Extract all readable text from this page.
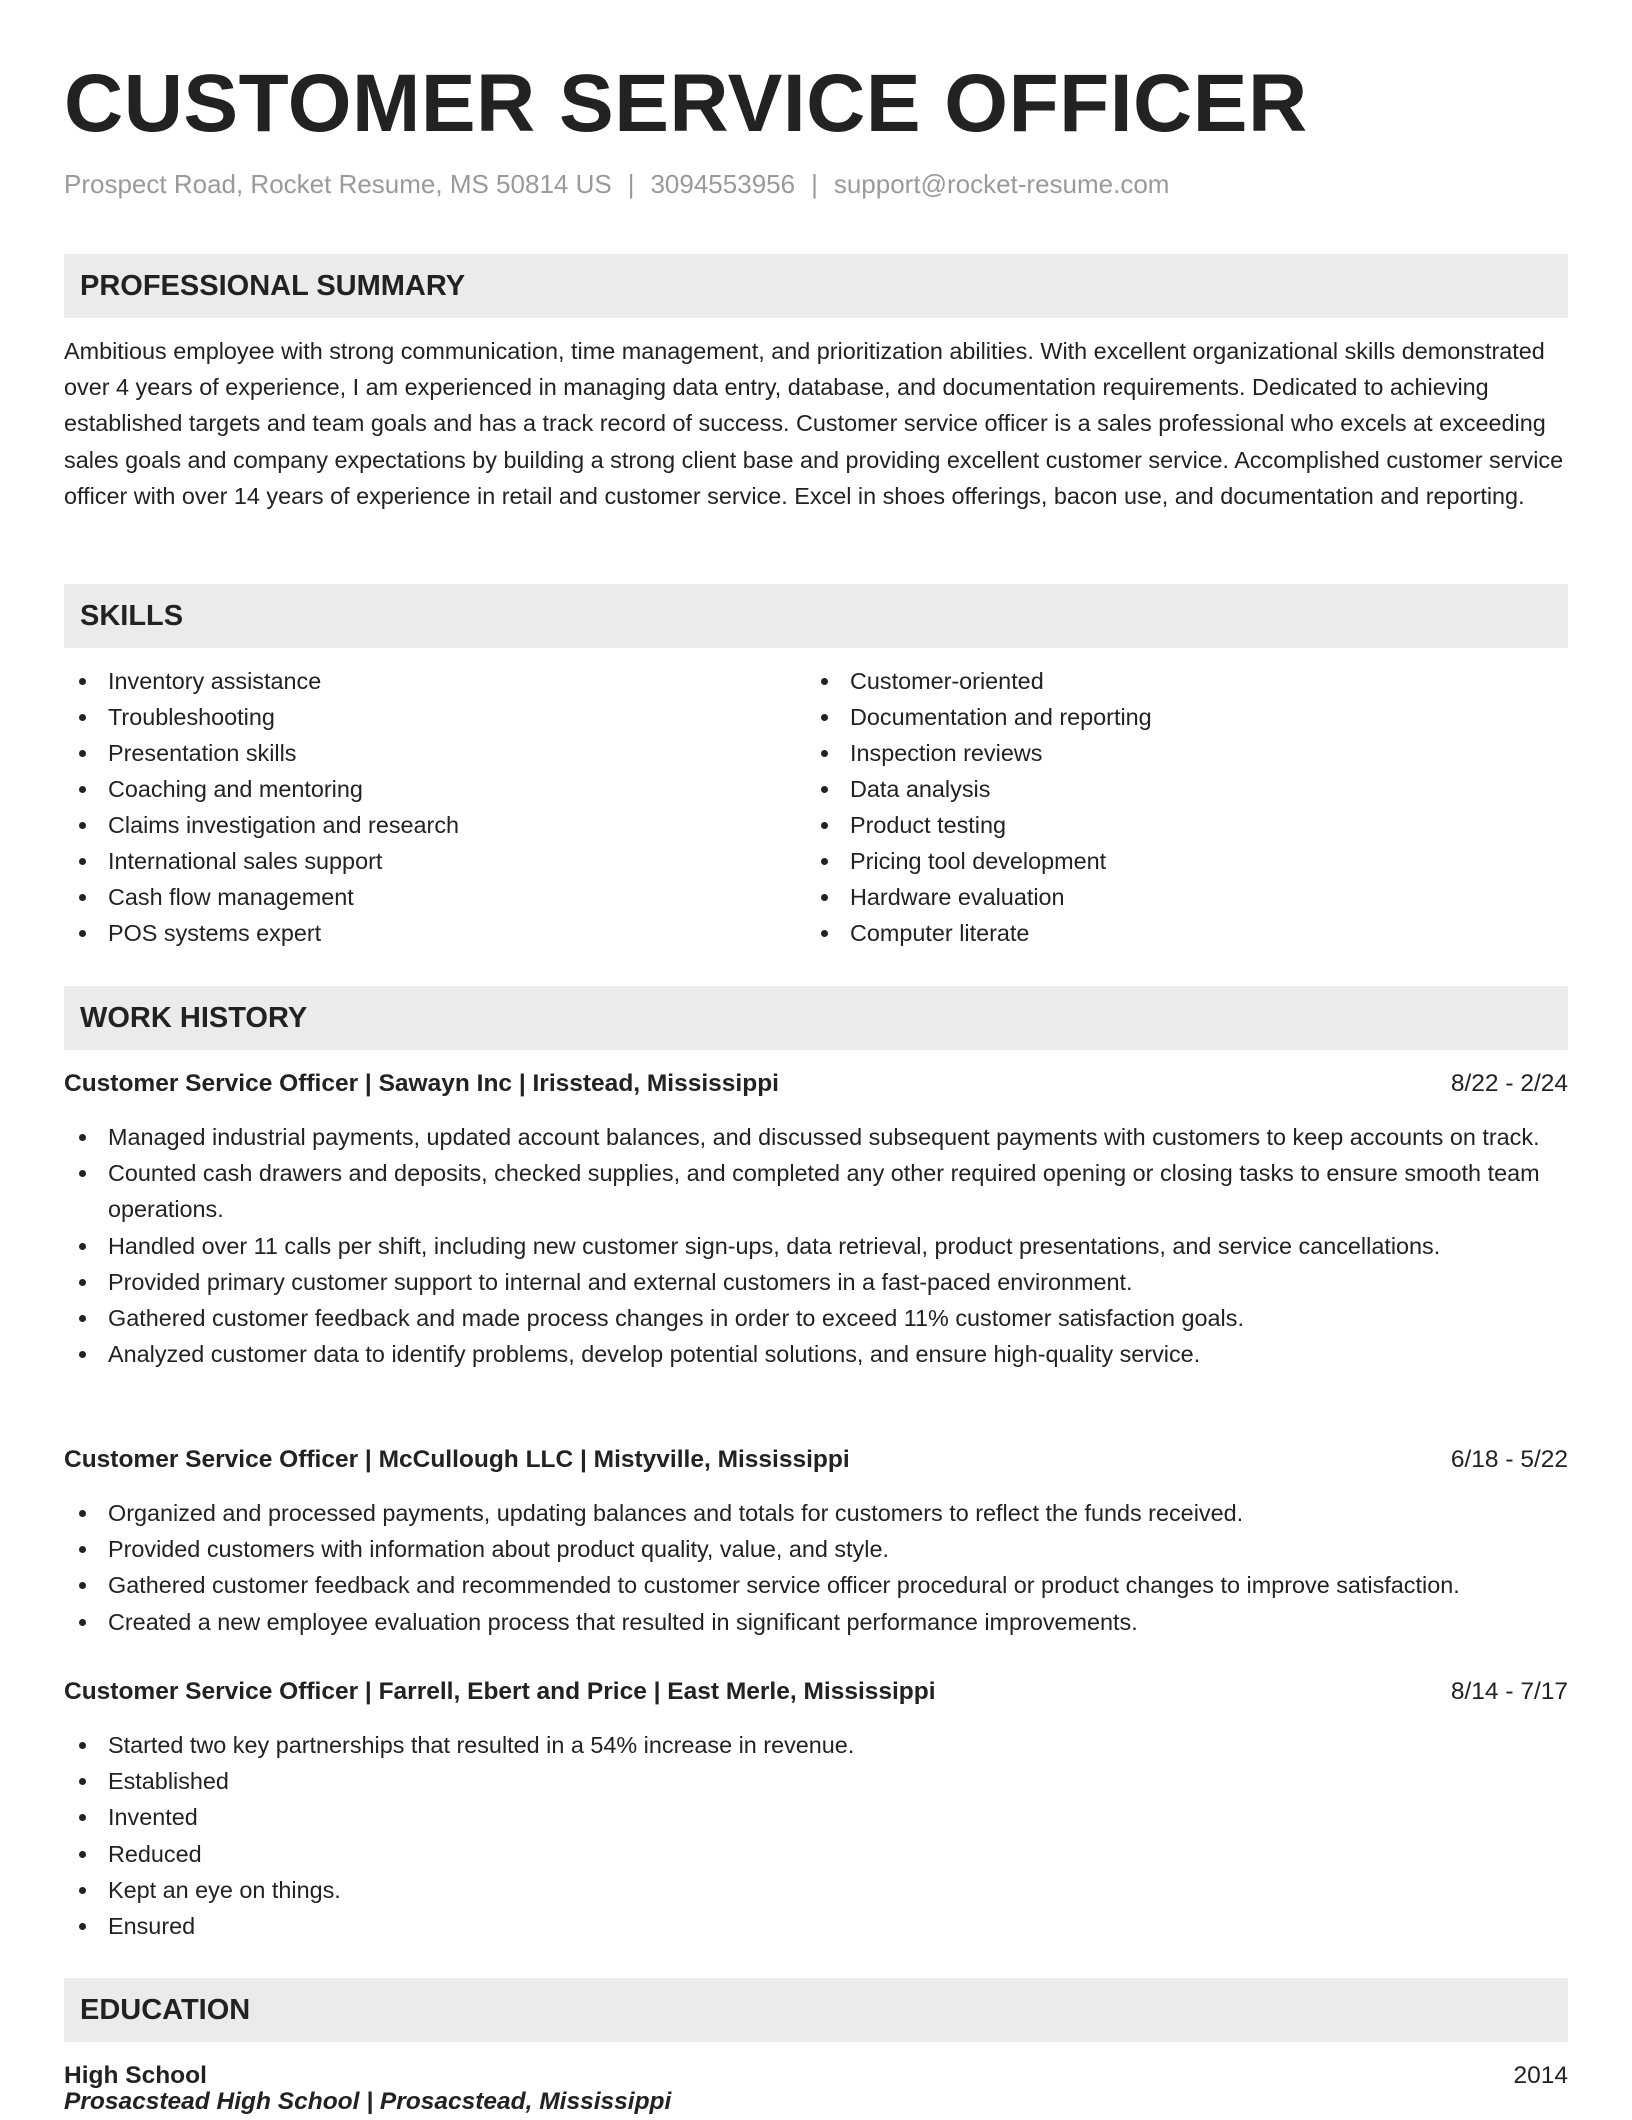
CUSTOMER SERVICE OFFICER
Prospect Road, Rocket Resume, MS 50814 US | 3094553956 | support@rocket-resume.com
PROFESSIONAL SUMMARY

Ambitious employee with strong communication, time management, and prioritization abilities. With excellent organizational skills demonstrated over 4 years of experience, I am experienced in managing data entry, database, and documentation requirements. Dedicated to achieving established targets and team goals and has a track record of success. Customer service officer is a sales professional who excels at exceeding sales goals and company expectations by building a strong client base and providing excellent customer service. Accomplished customer service officer with over 14 years of experience in retail and customer service. Excel in shoes offerings, bacon use, and documentation and reporting.

SKILLS
Inventory assistance
Troubleshooting
Presentation skills
Coaching and mentoring
Claims investigation and research
International sales support
Cash flow management
POS systems expert
Customer-oriented
Documentation and reporting
Inspection reviews
Data analysis
Product testing
Pricing tool development
Hardware evaluation
Computer literate
WORK HISTORY
Customer Service Officer | Sawayn Inc | Irisstead, Mississippi	8/22 - 2/24
Managed industrial payments, updated account balances, and discussed subsequent payments with customers to keep accounts on track.
Counted cash drawers and deposits, checked supplies, and completed any other required opening or closing tasks to ensure smooth team operations.
Handled over 11 calls per shift, including new customer sign-ups, data retrieval, product presentations, and service cancellations.
Provided primary customer support to internal and external customers in a fast-paced environment.
Gathered customer feedback and made process changes in order to exceed 11% customer satisfaction goals.
Analyzed customer data to identify problems, develop potential solutions, and ensure high-quality service.
Customer Service Officer | McCullough LLC | Mistyville, Mississippi	6/18 - 5/22
Organized and processed payments, updating balances and totals for customers to reflect the funds received.
Provided customers with information about product quality, value, and style.
Gathered customer feedback and recommended to customer service officer procedural or product changes to improve satisfaction.
Created a new employee evaluation process that resulted in significant performance improvements.
Customer Service Officer | Farrell, Ebert and Price | East Merle, Mississippi	8/14 - 7/17
Started two key partnerships that resulted in a 54% increase in revenue.
Established
Invented
Reduced
Kept an eye on things.
Ensured
EDUCATION
High School	2014
Prosacstead High School | Prosacstead, Mississippi
